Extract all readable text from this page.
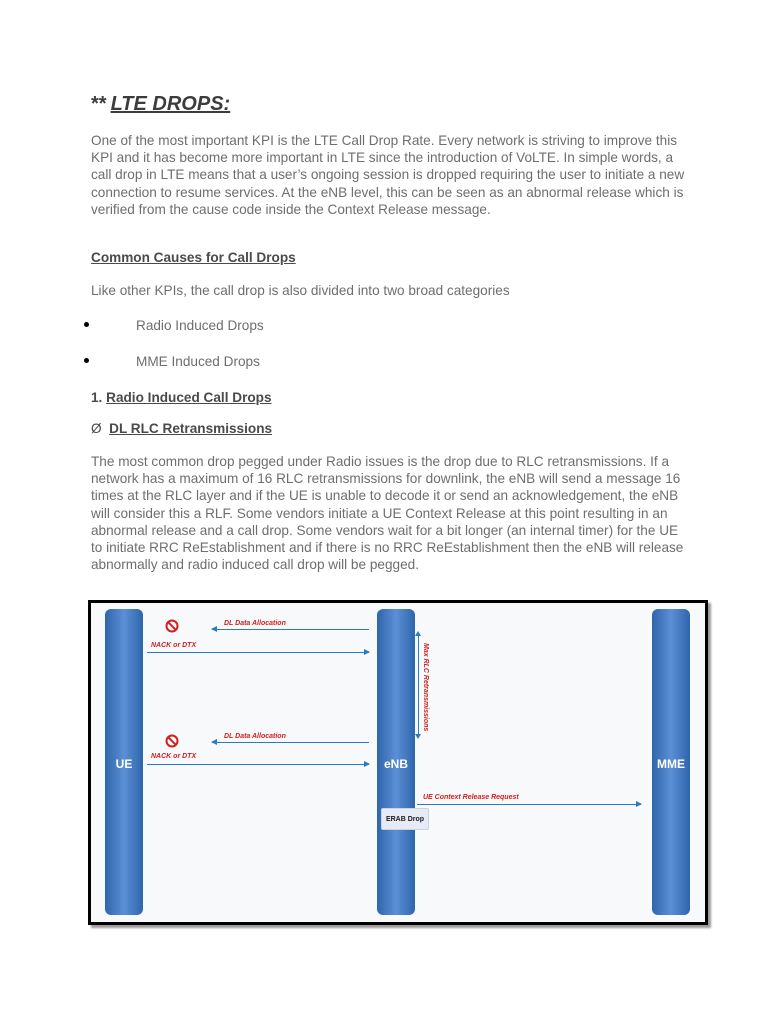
** LTE DROPS:
One of the most important KPI is the LTE Call Drop Rate. Every network is striving to improve this KPI and it has become more important in LTE since the introduction of VoLTE. In simple words, a call drop in LTE means that a user’s ongoing session is dropped requiring the user to initiate a new connection to resume services. At the eNB level, this can be seen as an abnormal release which is verified from the cause code inside the Context Release message.
Common Causes for Call Drops
Like other KPIs, the call drop is also divided into two broad categories
Radio Induced Drops
MME Induced Drops
1. Radio Induced Call Drops
Ø DL RLC Retransmissions
The most common drop pegged under Radio issues is the drop due to RLC retransmissions. If a network has a maximum of 16 RLC retransmissions for downlink, the eNB will send a message 16 times at the RLC layer and if the UE is unable to decode it or send an acknowledgement, the eNB will consider this a RLF. Some vendors initiate a UE Context Release at this point resulting in an abnormal release and a call drop. Some vendors wait for a bit longer (an internal timer) for the UE to initiate RRC ReEstablishment and if there is no RRC ReEstablishment then the eNB will release abnormally and radio induced call drop will be pegged.
UE	eNB	MME
DL Data Allocation
NACK or DTX	Max RLC Retransmissions
DL Data Allocation
NACK or DTX
UE Context Release Request
ERAB Drop
